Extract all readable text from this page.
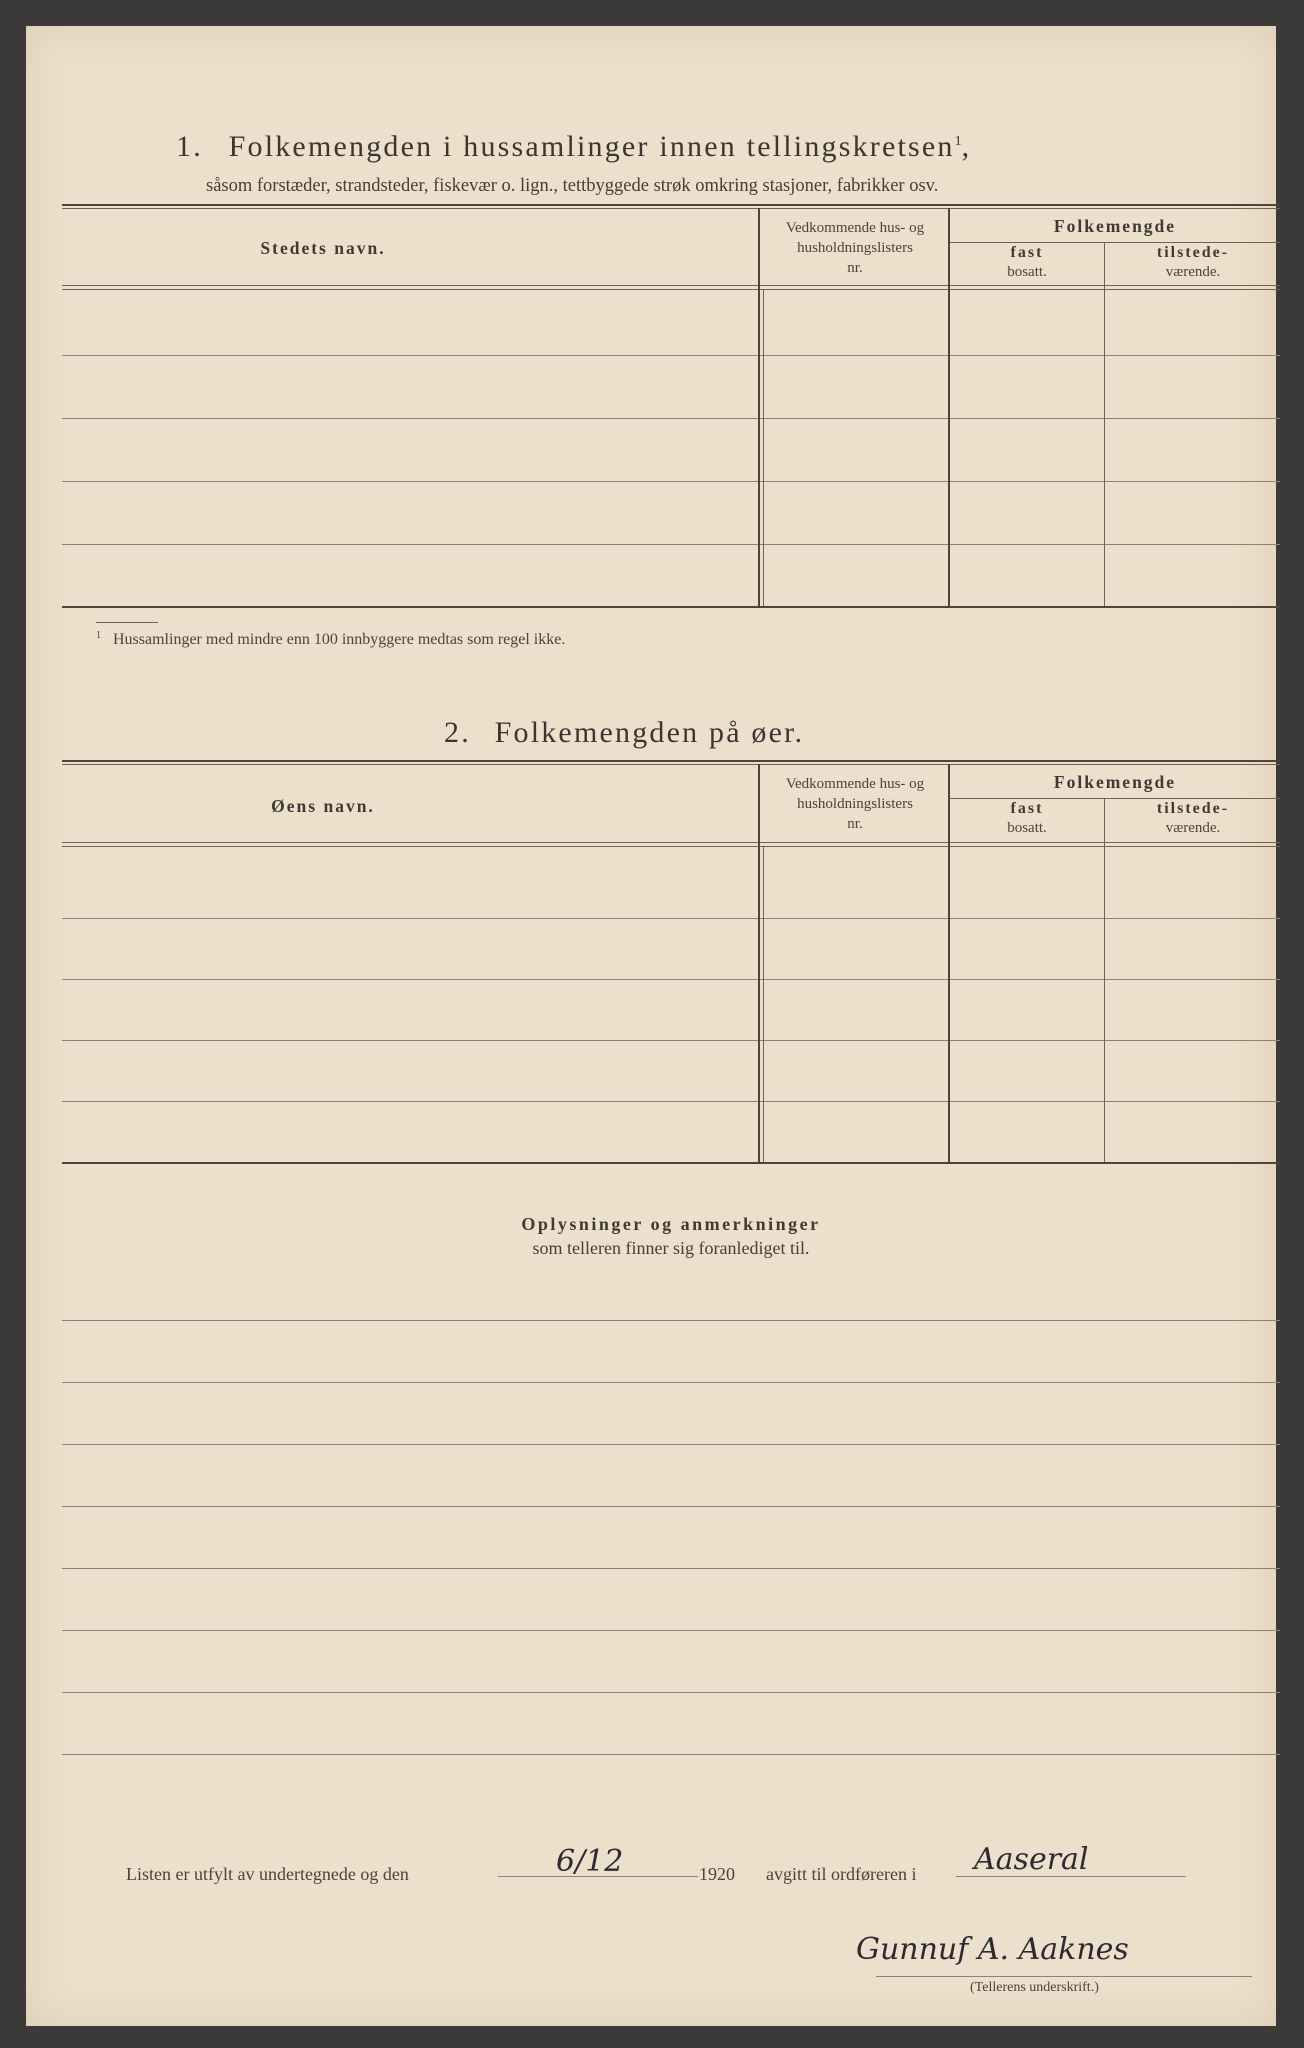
1. Folkemengden i hussamlinger innen tellingskretsen$^1$,
såsom forstæder, strandsteder, fiskevær o. lign., tettbyggede strøk omkring stasjoner, fabrikker osv.
Stedets navn.
Vedkommende hus- og
husholdningslisters
nr.
Folkemengde
fast
bosatt.
tilstede-
værende.
$^1$ Hussamlinger med mindre enn 100 innbyggere medtas som regel ikke.
2. Folkemengden på øer.
Øens navn.
Vedkommende hus- og
husholdningslisters
nr.
Folkemengde
fast
bosatt.
tilstede-
værende.
Oplysninger og anmerkninger
som telleren finner sig foranlediget til.
Listen er utfylt av undertegnede og den	6/12	1920 avgitt til ordføreren i Aaseral
Gunnuf A. Aaknes
(Tellerens underskrift.)
